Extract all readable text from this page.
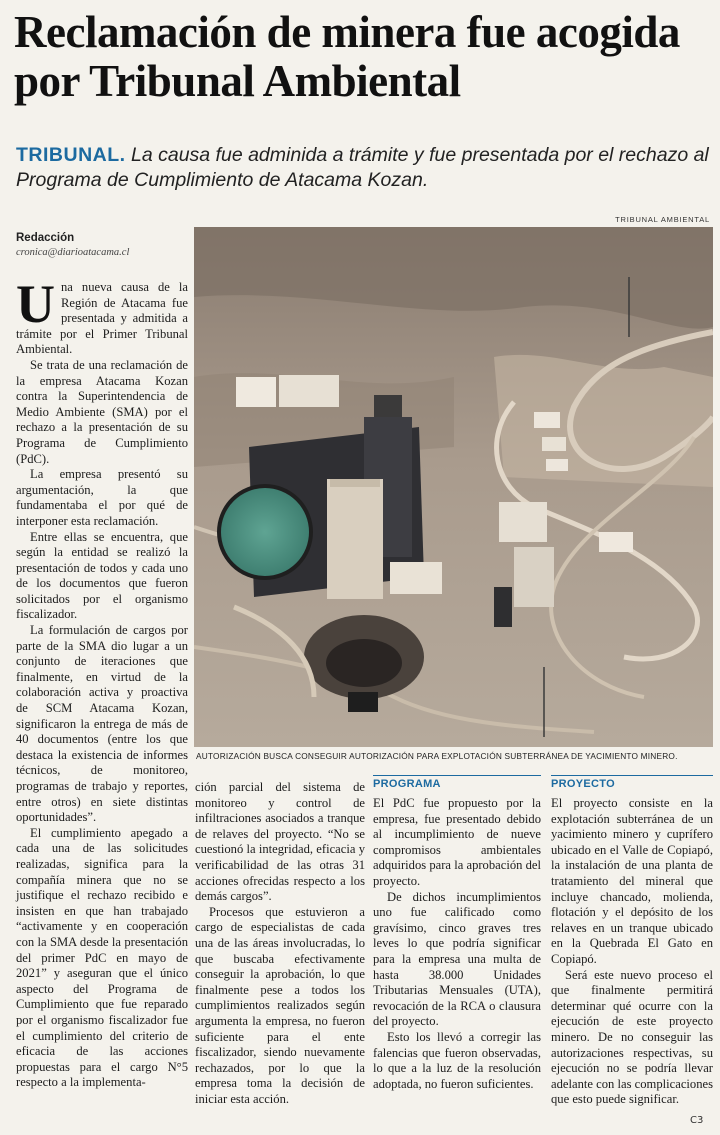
Reclamación de minera fue acogida por Tribunal Ambiental
TRIBUNAL. La causa fue adminida a trámite y fue presentada por el rechazo al Programa de Cumplimiento de Atacama Kozan.
Redacción
cronica@diarioatacama.cl
TRIBUNAL AMBIENTAL
AUTORIZACIÓN BUSCA CONSEGUIR AUTORIZACIÓN PARA EXPLOTACIÓN SUBTERRÁNEA DE YACIMIENTO MINERO.

Una nueva causa de la Región de Atacama fue presentada y admitida a trámite por el Primer Tribunal Ambiental.

Se trata de una reclamación de la empresa Atacama Kozan contra la Superintendencia de Medio Ambiente (SMA) por el rechazo a la presentación de su Programa de Cumplimiento (PdC).

La empresa presentó su argumentación, la que fundamentaba el por qué de interponer esta reclamación.

Entre ellas se encuentra, que según la entidad se realizó la presentación de todos y cada uno de los documentos que fueron solicitados por el organismo fiscalizador.

La formulación de cargos por parte de la SMA dio lugar a un conjunto de iteraciones que finalmente, en virtud de la colaboración activa y proactiva de SCM Atacama Kozan, significaron la entrega de más de 40 documentos (entre los que destaca la existencia de informes técnicos, de monitoreo, programas de trabajo y reportes, entre otros) en siete distintas oportunidades”.

El cumplimiento apegado a cada una de las solicitudes realizadas, significa para la compañía minera que no se justifique el rechazo recibido e insisten en que han trabajado “activamente y en cooperación con la SMA desde la presentación del primer PdC en mayo de 2021” y aseguran que el único aspecto del Programa de Cumplimiento que fue reparado por el organismo fiscalizador fue el cumplimiento del criterio de eficacia de las acciones propuestas para el cargo N°5 respecto a la implementa-

ción parcial del sistema de monitoreo y control de infiltraciones asociados a tranque de relaves del proyecto. “No se cuestionó la integridad, eficacia y verificabilidad de las otras 31 acciones ofrecidas respecto a los demás cargos”.

Procesos que estuvieron a cargo de especialistas de cada una de las áreas involucradas, lo que buscaba efectivamente conseguir la aprobación, lo que finalmente pese a todos los cumplimientos realizados según argumenta la empresa, no fueron suficiente para el ente fiscalizador, siendo nuevamente rechazados, por lo que la empresa toma la decisión de iniciar esta acción.

PROGRAMA

El PdC fue propuesto por la empresa, fue presentado debido al incumplimiento de nueve compromisos ambientales adquiridos para la aprobación del proyecto.

De dichos incumplimientos uno fue calificado como gravísimo, cinco graves tres leves lo que podría significar para la empresa una multa de hasta 38.000 Unidades Tributarias Mensuales (UTA), revocación de la RCA o clausura del proyecto.

Esto los llevó a corregir las falencias que fueron observadas, lo que a la luz de la resolución adoptada, no fueron suficientes.

PROYECTO

El proyecto consiste en la explotación subterránea de un yacimiento minero y cuprífero ubicado en el Valle de Copiapó, la instalación de una planta de tratamiento del mineral que incluye chancado, molienda, flotación y el depósito de los relaves en un tranque ubicado en la Quebrada El Gato en Copiapó.

Será este nuevo proceso el que finalmente permitirá determinar qué ocurre con la ejecución de este proyecto minero. De no conseguir las autorizaciones respectivas, su ejecución no se podría llevar adelante con las complicaciones que esto puede significar.

C3
